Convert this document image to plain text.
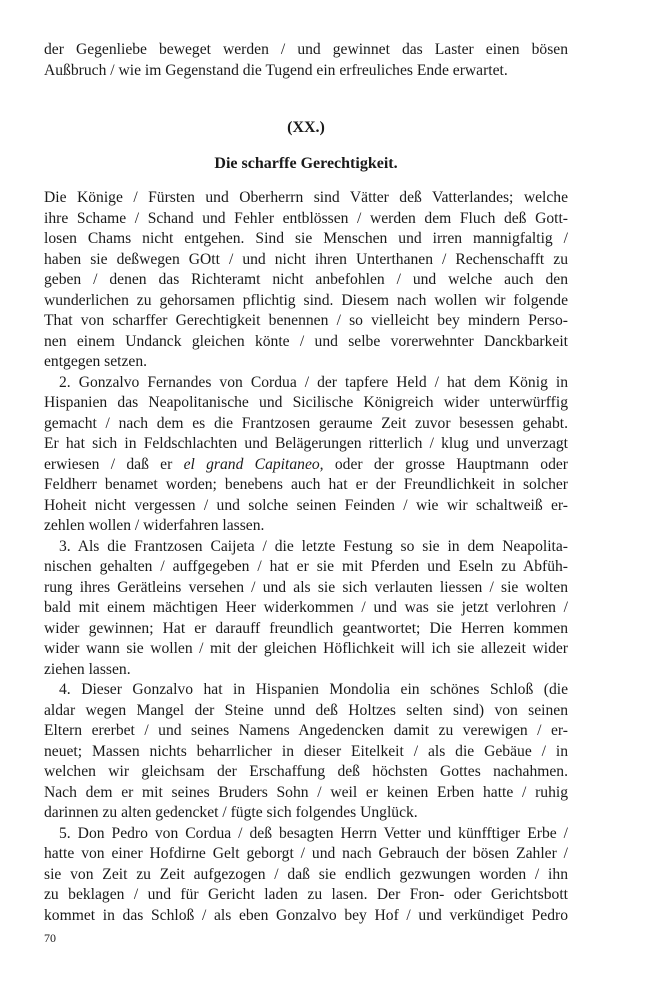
der Gegenliebe beweget werden / und gewinnet das Laster einen bösen
Außbruch / wie im Gegenstand die Tugend ein erfreuliches Ende erwartet.
(XX.)
Die scharffe Gerechtigkeit.
Die Könige / Fürsten und Oberherrn sind Vätter deß Vatterlandes; welche
ihre Schame / Schand und Fehler entblössen / werden dem Fluch deß Gott-
losen Chams nicht entgehen. Sind sie Menschen und irren mannigfaltig /
haben sie deßwegen GOtt / und nicht ihren Unterthanen / Rechenschafft zu
geben / denen das Richteramt nicht anbefohlen / und welche auch den
wunderlichen zu gehorsamen pflichtig sind. Diesem nach wollen wir folgende
That von scharffer Gerechtigkeit benennen / so vielleicht bey mindern Perso-
nen einem Undanck gleichen könte / und selbe vorerwehnter Danckbarkeit
entgegen setzen.
2. Gonzalvo Fernandes von Cordua / der tapfere Held / hat dem König in
Hispanien das Neapolitanische und Sicilische Königreich wider unterwürffig
gemacht / nach dem es die Frantzosen geraume Zeit zuvor besessen gehabt.
Er hat sich in Feldschlachten und Belägerungen ritterlich / klug und unverzagt
erwiesen / daß er el grand Capitaneo, oder der grosse Hauptmann oder
Feldherr benamet worden; benebens auch hat er der Freundlichkeit in solcher
Hoheit nicht vergessen / und solche seinen Feinden / wie wir schaltweiß er-
zehlen wollen / widerfahren lassen.
3. Als die Frantzosen Caijeta / die letzte Festung so sie in dem Neapolita-
nischen gehalten / auffgegeben / hat er sie mit Pferden und Eseln zu Abfüh-
rung ihres Gerätleins versehen / und als sie sich verlauten liessen / sie wolten
bald mit einem mächtigen Heer widerkommen / und was sie jetzt verlohren /
wider gewinnen; Hat er darauff freundlich geantwortet; Die Herren kommen
wider wann sie wollen / mit der gleichen Höflichkeit will ich sie allezeit wider
ziehen lassen.
4. Dieser Gonzalvo hat in Hispanien Mondolia ein schönes Schloß (die
aldar wegen Mangel der Steine unnd deß Holtzes selten sind) von seinen
Eltern ererbet / und seines Namens Angedencken damit zu verewigen / er-
neuet; Massen nichts beharrlicher in dieser Eitelkeit / als die Gebäue / in
welchen wir gleichsam der Erschaffung deß höchsten Gottes nachahmen.
Nach dem er mit seines Bruders Sohn / weil er keinen Erben hatte / ruhig
darinnen zu alten gedencket / fügte sich folgendes Unglück.
5. Don Pedro von Cordua / deß besagten Herrn Vetter und künfftiger Erbe /
hatte von einer Hofdirne Gelt geborgt / und nach Gebrauch der bösen Zahler /
sie von Zeit zu Zeit aufgezogen / daß sie endlich gezwungen worden / ihn
zu beklagen / und für Gericht laden zu lasen. Der Fron- oder Gerichtsbott
kommet in das Schloß / als eben Gonzalvo bey Hof / und verkündiget Pedro
70
